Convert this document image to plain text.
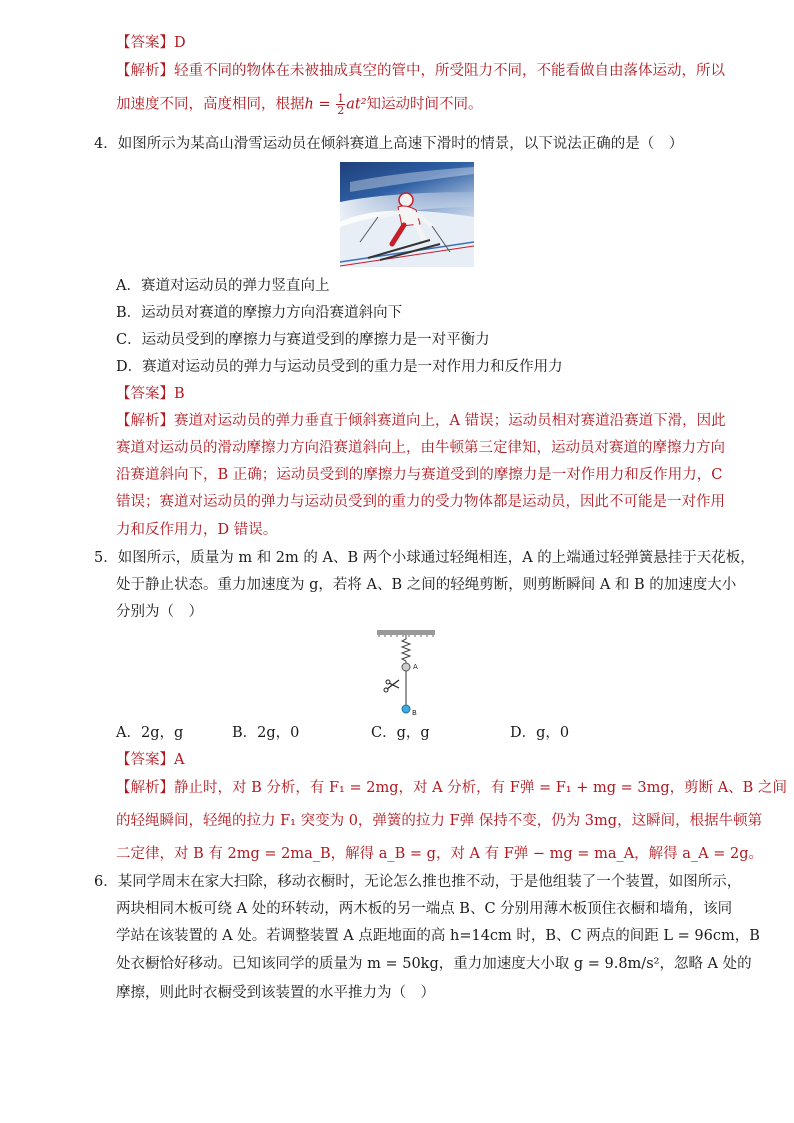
【答案】D
【解析】轻重不同的物体在未被抽成真空的管中，所受阻力不同，不能看做自由落体运动，所以
加速度不同，高度相同，根据$h = \frac{1}{2} at^2$知运动时间不同。
4．如图所示为某高山滑雪运动员在倾斜赛道上高速下滑时的情景，以下说法正确的是（　）
A．赛道对运动员的弹力竖直向上
B．运动员对赛道的摩擦力方向沿赛道斜向下
C．运动员受到的摩擦力与赛道受到的摩擦力是一对平衡力
D．赛道对运动员的弹力与运动员受到的重力是一对作用力和反作用力
【答案】B
【解析】赛道对运动员的弹力垂直于倾斜赛道向上，A 错误；运动员相对赛道沿赛道下滑，因此
赛道对运动员的滑动摩擦力方向沿赛道斜向上，由牛顿第三定律知，运动员对赛道的摩擦力方向
沿赛道斜向下，B 正确；运动员受到的摩擦力与赛道受到的摩擦力是一对作用力和反作用力，C
错误；赛道对运动员的弹力与运动员受到的重力的受力物体都是运动员，因此不可能是一对作用
力和反作用力，D 错误。
5．如图所示，质量为 m 和 2m 的 A、B 两个小球通过轻绳相连，A 的上端通过轻弹簧悬挂于天花板，
处于静止状态。重力加速度为 g，若将 A、B 之间的轻绳剪断，则剪断瞬间 A 和 B 的加速度大小
分别为（　）
A
B
A．2g，g	B．2g，0	C．g，g	D．g，0
【答案】A
【解析】静止时，对 B 分析，有 F₁ = 2mg，对 A 分析，有 F弹 = F₁ + mg = 3mg，剪断 A、B 之间
的轻绳瞬间，轻绳的拉力 F₁ 突变为 0，弹簧的拉力 F弹 保持不变，仍为 3mg，这瞬间，根据牛顿第
二定律，对 B 有 2mg = 2ma_B，解得 a_B = g，对 A 有 F弹 − mg = ma_A，解得 a_A = 2g。
6．某同学周末在家大扫除，移动衣橱时，无论怎么推也推不动，于是他组装了一个装置，如图所示，
两块相同木板可绕 A 处的环转动，两木板的另一端点 B、C 分别用薄木板顶住衣橱和墙角，该同
学站在该装置的 A 处。若调整装置 A 点距地面的高 h=14cm 时，B、C 两点的间距 L = 96cm，B
处衣橱恰好移动。已知该同学的质量为 m = 50kg，重力加速度大小取 g = 9.8m/s²，忽略 A 处的
摩擦，则此时衣橱受到该装置的水平推力为（　）
